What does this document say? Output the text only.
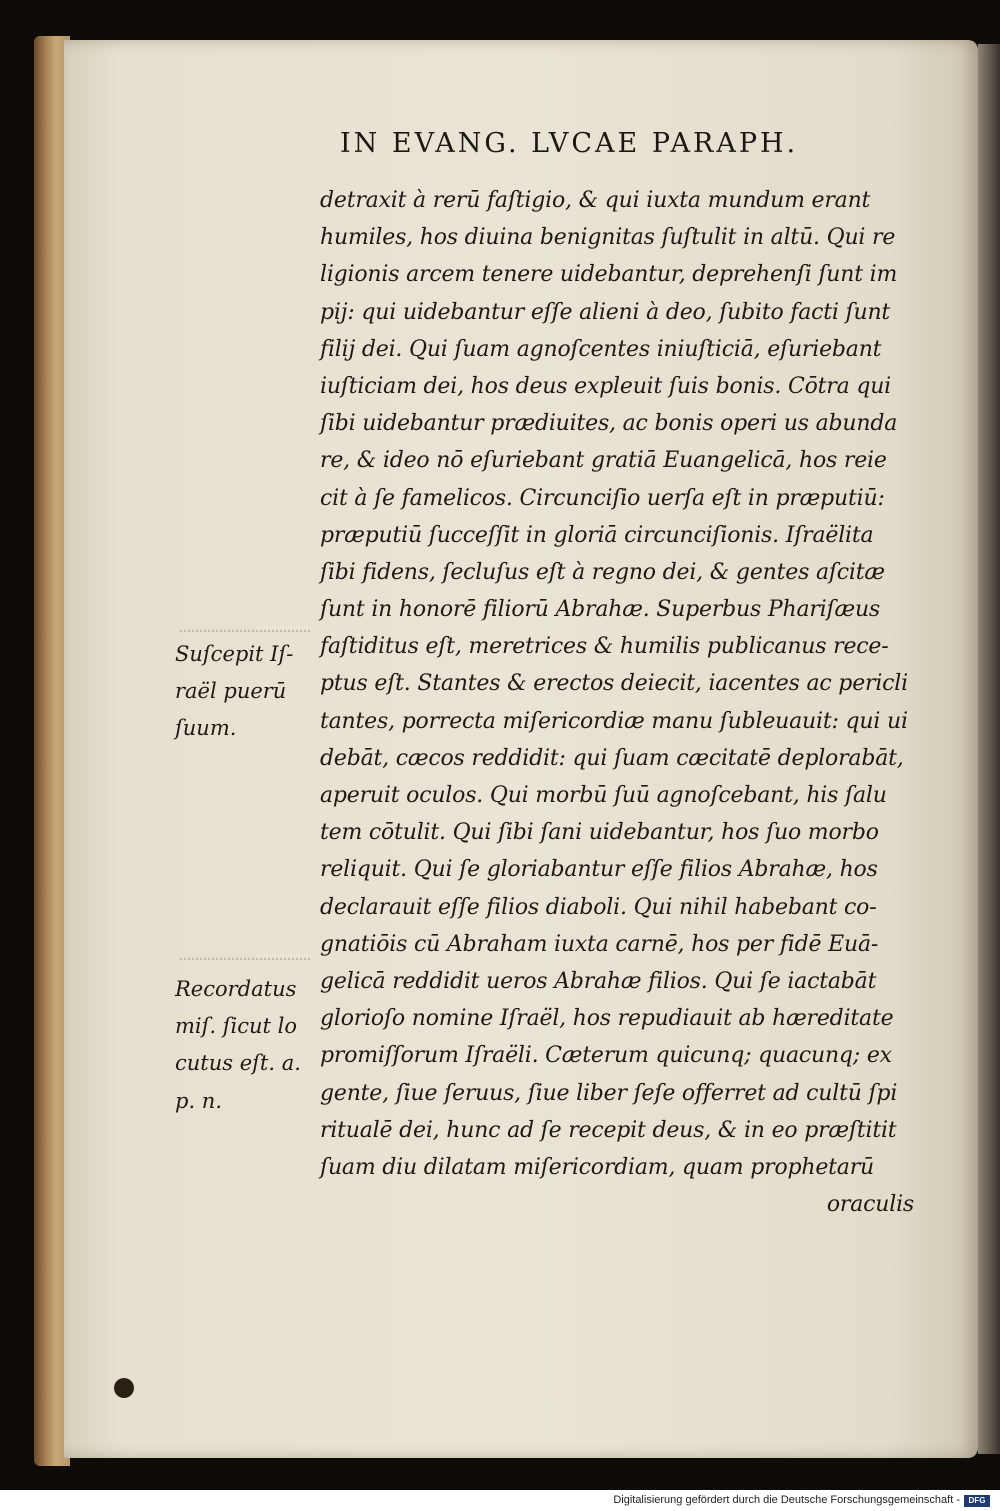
IN EVANG. LVCAE PARAPH.
detraxit à rerū faſtigio, & qui iuxta mundum erant
humiles, hos diuina benignitas ſuſtulit in altū. Qui re
ligionis arcem tenere uidebantur, deprehenſi ſunt im
pij: qui uidebantur eſſe alieni à deo, ſubito facti ſunt
filij dei. Qui ſuam agnoſcentes iniuſticiā, eſuriebant
iuſticiam dei, hos deus expleuit ſuis bonis. Cōtra qui
ſibi uidebantur prædiuites, ac bonis operi us abunda
re, & ideo nō eſuriebant gratiā Euangelicā, hos reie
cit à ſe famelicos. Circunciſio uerſa eſt in præputiū:
præputiū ſucceſſit in gloriā circunciſionis. Iſraëlita
ſibi fidens, ſecluſus eſt à regno dei, & gentes aſcitæ
ſunt in honorē filiorū Abrahæ. Superbus Phariſæus
faſtiditus eſt, meretrices & humilis publicanus rece-
ptus eſt. Stantes & erectos deiecit, iacentes ac pericli
tantes, porrecta miſericordiæ manu ſubleuauit: qui ui
debāt, cæcos reddidit: qui ſuam cæcitatē deplorabāt,
aperuit oculos. Qui morbū ſuū agnoſcebant, his ſalu
tem cōtulit. Qui ſibi ſani uidebantur, hos ſuo morbo
reliquit. Qui ſe gloriabantur eſſe filios Abrahæ, hos
declarauit eſſe filios diaboli. Qui nihil habebant co-
gnatiōis cū Abraham iuxta carnē, hos per fidē Euā-
gelicā reddidit ueros Abrahæ filios. Qui ſe iactabāt
glorioſo nomine Iſraël, hos repudiauit ab hæreditate
promiſſorum Iſraëli. Cæterum quicunq; quacunq; ex
gente, ſiue ſeruus, ſiue liber ſeſe offerret ad cultū ſpi
ritualē dei, hunc ad ſe recepit deus, & in eo præſtitit
ſuam diu dilatam miſericordiam, quam prophetarū
oraculis
Suſcepit Iſ-
raël puerū
ſuum.
Recordatus
miſ. ſicut lo
cutus eſt. a.
p. n.
Digitalisierung gefördert durch die Deutsche Forschungsgemeinschaft -	DFG
